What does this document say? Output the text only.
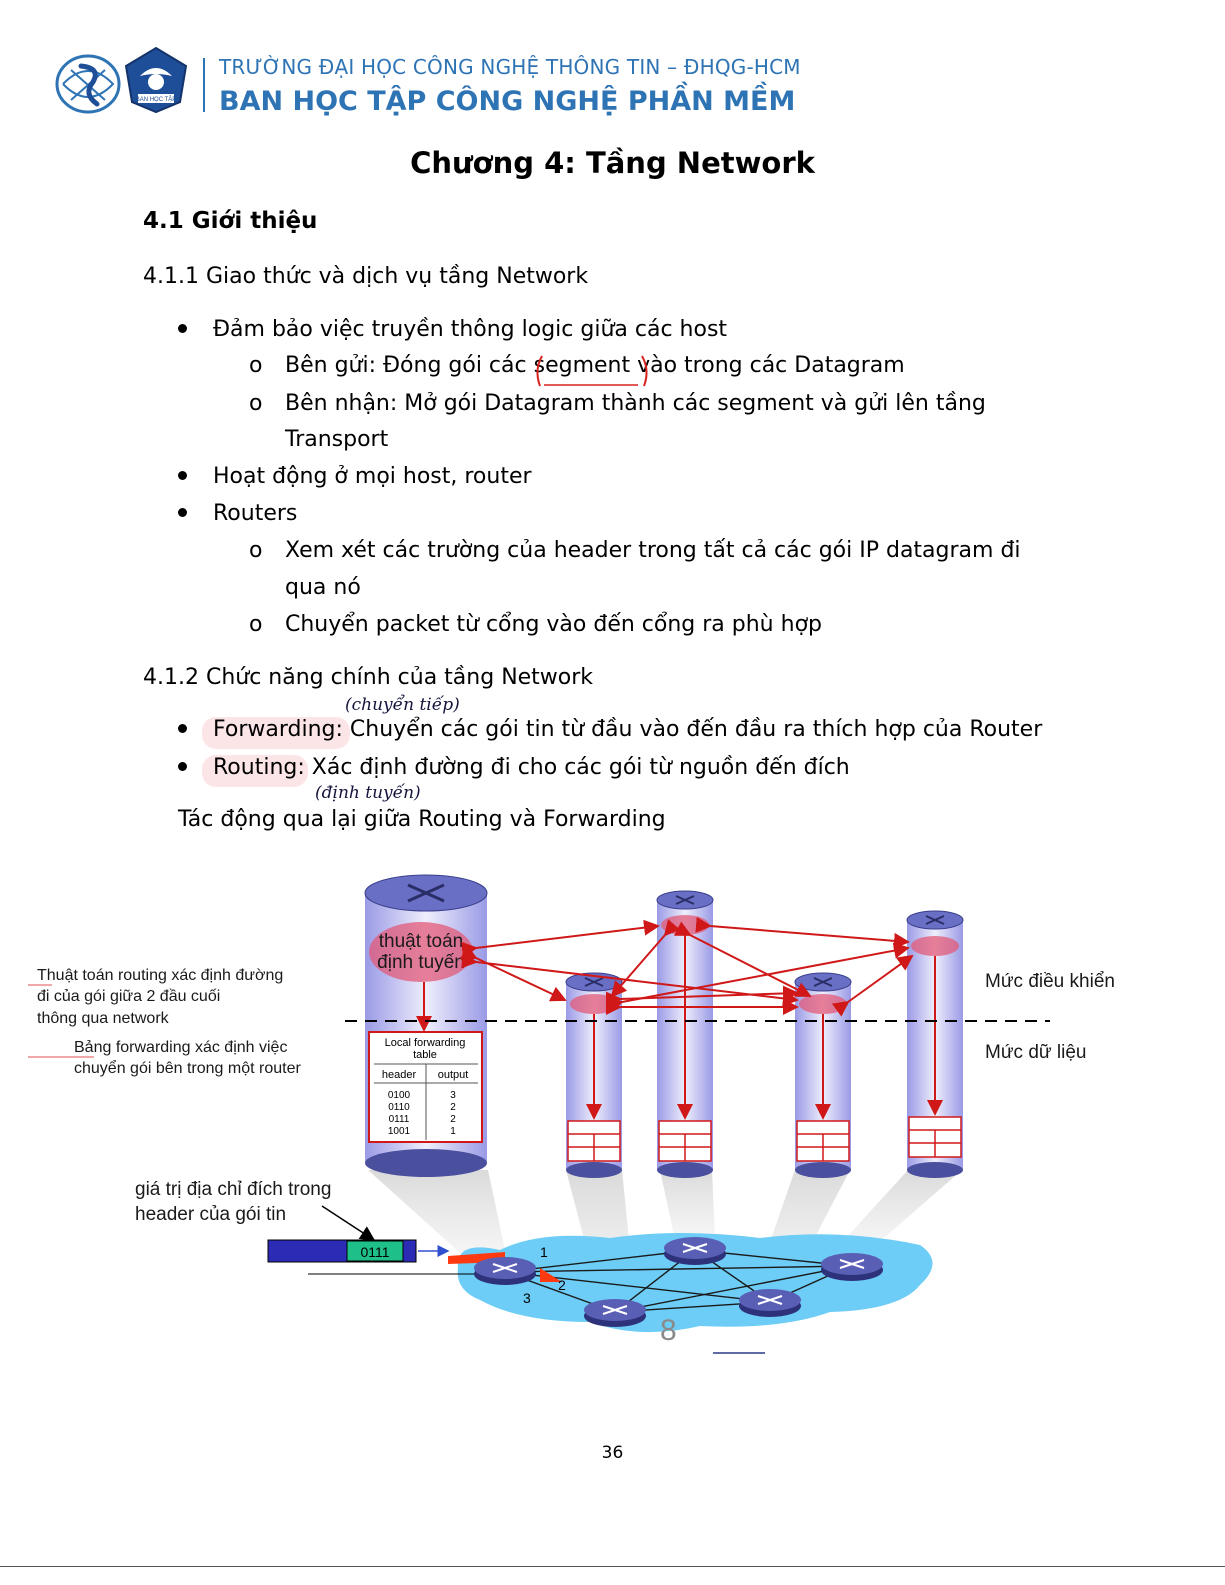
BAN HỌC TẬP
TRƯỜNG ĐẠI HỌC CÔNG NGHỆ THÔNG TIN – ĐHQG-HCM
BAN HỌC TẬP CÔNG NGHỆ PHẦN MỀM
Chương 4: Tầng Network
4.1 Giới thiệu
4.1.1 Giao thức và dịch vụ tầng Network
Đảm bảo việc truyền thông logic giữa các host
o Bên gửi: Đóng gói các segment vào trong các Datagram
o Bên nhận: Mở gói Datagram thành các segment và gửi lên tầng
Transport
Hoạt động ở mọi host, router
Routers
o Xem xét các trường của header trong tất cả các gói IP datagram đi
qua nó
o Chuyển packet từ cổng vào đến cổng ra phù hợp
4.1.2 Chức năng chính của tầng Network
(chuyển tiếp)
Forwarding: Chuyển các gói tin từ đầu vào đến đầu ra thích hợp của Router
Routing: Xác định đường đi cho các gói từ nguồn đến đích
(định tuyến)
Tác động qua lại giữa Routing và Forwarding
0111	1
2
3
8
thuật toán
định tuyến
Mức điều khiển
Mức dữ liệu
Local forwarding
table
header output
0100	3
0110	2
0111	2
1001	1
Thuật toán routing xác định đường
đi của gói giữa 2 đầu cuối
thông qua network
Bảng forwarding xác định việc
chuyển gói bên trong một router
giá trị địa chỉ đích trong
header của gói tin
36
